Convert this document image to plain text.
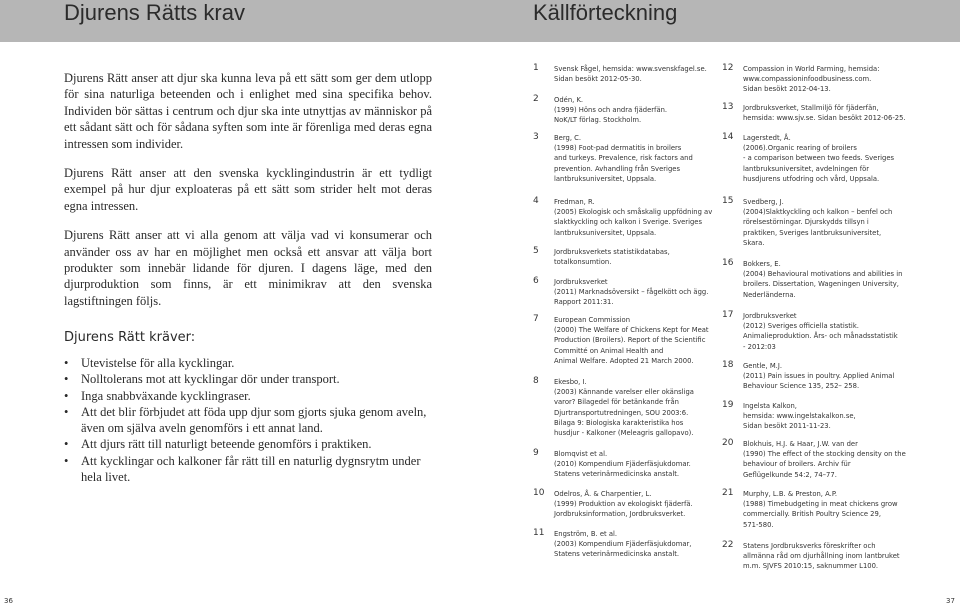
Djurens Rätts krav	Källförteckning

Djurens Rätt anser att djur ska kunna leva på ett sätt som ger dem utlopp för sina naturliga beteenden och i enlighet med sina specifika behov. Individen bör sättas i centrum och djur ska inte utnyttjas av människor på ett sådant sätt och för sådana syften som inte är förenliga med deras egna intressen som individer.

Djurens Rätt anser att den svenska kycklingindustrin är ett tydligt exempel på hur djur exploateras på ett sätt som strider helt mot deras egna intressen.

Djurens Rätt anser att vi alla genom att välja vad vi konsumerar och använder oss av har en möjlighet men också ett ansvar att välja bort produkter som innebär lidande för djuren. I dagens läge, med den djurproduktion som finns, är ett minimikrav att den svenska lagstiftningen följs.

Djurens Rätt kräver:
• Utevistelse för alla kycklingar.
• Nolltolerans mot att kycklingar dör under transport.
• Inga snabbväxande kycklingraser.
• Att det blir förbjudet att föda upp djur som gjorts sjuka genom aveln, även om själva aveln genomförs i ett annat land.
• Att djurs rätt till naturligt beteende genomförs i praktiken.
• Att kycklingar och kalkoner får rätt till en naturlig dygnsrytm under hela livet.
1 Svensk Fågel, hemsida: www.svenskfagel.se.
Sidan besökt 2012-05-30.
2 Odén, K.
(1999) Höns och andra fjäderfän.
NoK/LT förlag. Stockholm.
3 Berg, C.
(1998) Foot-pad dermatitis in broilers
and turkeys. Prevalence, risk factors and
prevention. Avhandling från Sveriges
lantbruksuniversitet, Uppsala.
4 Fredman, R.
(2005) Ekologisk och småskalig uppfödning av
slaktkyckling och kalkon i Sverige. Sveriges
lantbruksuniversitet, Uppsala.
5 Jordbruksverkets statistikdatabas,
totalkonsumtion.
6 Jordbruksverket
(2011) Marknadsöversikt – fågelkött och ägg.
Rapport 2011:31.
7 European Commission
(2000) The Welfare of Chickens Kept for Meat
Production (Broilers). Report of the Scientific
Committé on Animal Health and
Animal Welfare. Adopted 21 March 2000.
8 Ekesbo, I.
(2003) Kännande varelser eller okänsliga
varor? Bilagedel för betänkande från
Djurtransportutredningen, SOU 2003:6.
Bilaga 9: Biologiska karakteristika hos
husdjur - Kalkoner (Meleagris gallopavo).
9 Blomqvist et al.
(2010) Kompendium Fjäderfäsjukdomar.
Statens veterinärmedicinska anstalt.
10 Odelros, Å. & Charpentier, L.
(1999) Produktion av ekologiskt fjäderfä.
Jordbruksinformation, Jordbruksverket.
11 Engström, B. et al.
(2003) Kompendium Fjäderfäsjukdomar,
Statens veterinärmedicinska anstalt.
12 Compassion in World Farming, hemsida:
www.compassioninfoodbusiness.com.
Sidan besökt 2012-04-13.
13 Jordbruksverket, Stallmiljö för fjäderfän,
hemsida: www.sjv.se. Sidan besökt 2012-06-25.
14 Lagerstedt, Å.
(2006).Organic rearing of broilers
- a comparison between two feeds. Sveriges
lantbruksuniversitet, avdelningen för
husdjurens utfodring och vård, Uppsala.
15 Svedberg, J.
(2004)Slaktkyckling och kalkon – benfel och
rörelsestörningar. Djurskydds tillsyn i
praktiken, Sveriges lantbruksuniversitet,
Skara.
16 Bokkers, E.
(2004) Behavioural motivations and abilities in
broilers. Dissertation, Wageningen University,
Nederländerna.
17 Jordbruksverket
(2012) Sveriges officiella statistik.
Animalieproduktion. Års- och månadsstatistik
- 2012:03
18 Gentle, M.J.
(2011) Pain issues in poultry. Applied Animal
Behaviour Science 135, 252– 258.
19 Ingelsta Kalkon,
hemsida: www.ingelstakalkon.se,
Sidan besökt 2011-11-23.
20 Blokhuis, H.J. & Haar, J.W. van der
(1990) The effect of the stocking density on the
behaviour of broilers. Archiv für
Geflügelkunde 54:2, 74–77.
21 Murphy, L.B. & Preston, A.P.
(1988) Timebudgeting in meat chickens grow
commercially. British Poultry Science 29,
571-580.
22 Statens Jordbruksverks föreskrifter och
allmänna råd om djurhållning inom lantbruket
m.m. SJVFS 2010:15, saknummer L100.
36	37
